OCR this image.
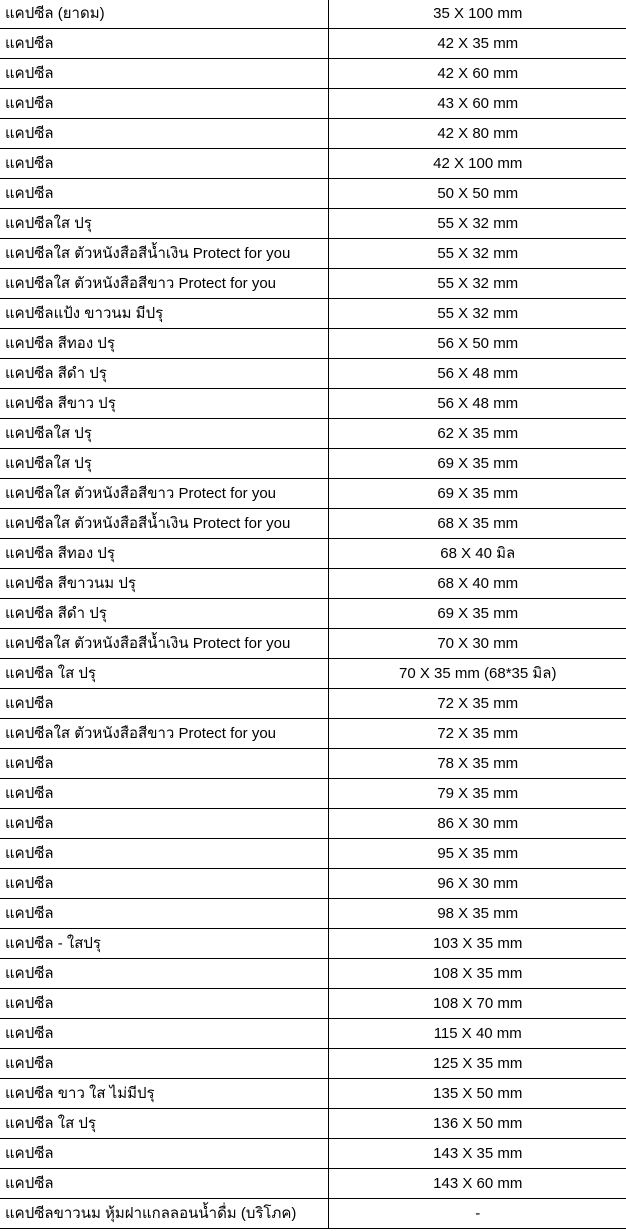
แคปซีล (ยาดม)	35 X 100 mm
แคปซีล	42 X 35 mm
แคปซีล	42 X 60 mm
แคปซีล	43 X 60 mm
แคปซีล	42 X 80 mm
แคปซีล	42 X 100 mm
แคปซีล	50 X 50 mm
แคปซีลใส ปรุ	55 X 32 mm
แคปซีลใส ตัวหนังสือสีน้ำเงิน Protect for you	55 X 32 mm
แคปซีลใส ตัวหนังสือสีขาว Protect for you	55 X 32 mm
แคปซีลแป้ง ขาวนม มีปรุ	55 X 32 mm
แคปซีล สีทอง ปรุ	56 X 50 mm
แคปซีล สีดำ ปรุ	56 X 48 mm
แคปซีล สีขาว ปรุ	56 X 48 mm
แคปซีลใส ปรุ	62 X 35 mm
แคปซีลใส ปรุ	69 X 35 mm
แคปซีลใส ตัวหนังสือสีขาว Protect for you	69 X 35 mm
แคปซีลใส ตัวหนังสือสีน้ำเงิน Protect for you	68 X 35 mm
แคปซีล สีทอง ปรุ	68 X 40 มิล
แคปซีล สีขาวนม ปรุ	68 X 40 mm
แคปซีล สีดำ ปรุ	69 X 35 mm
แคปซีลใส ตัวหนังสือสีน้ำเงิน Protect for you	70 X 30 mm
แคปซีล ใส ปรุ	70 X 35 mm (68*35 มิล)
แคปซีล	72 X 35 mm
แคปซีลใส ตัวหนังสือสีขาว Protect for you	72 X 35 mm
แคปซีล	78 X 35 mm
แคปซีล	79 X 35 mm
แคปซีล	86 X 30 mm
แคปซีล	95 X 35 mm
แคปซีล	96 X 30 mm
แคปซีล	98 X 35 mm
แคปซีล - ใสปรุ	103 X 35 mm
แคปซีล	108 X 35 mm
แคปซีล	108 X 70 mm
แคปซีล	115 X 40 mm
แคปซีล	125 X 35 mm
แคปซีล ขาว ใส ไม่มีปรุ	135 X 50 mm
แคปซีล ใส ปรุ	136 X 50 mm
แคปซีล	143 X 35 mm
แคปซีล	143 X 60 mm
แคปซีลขาวนม หุ้มฝาแกลลอนน้ำดื่ม (บริโภค)	-
